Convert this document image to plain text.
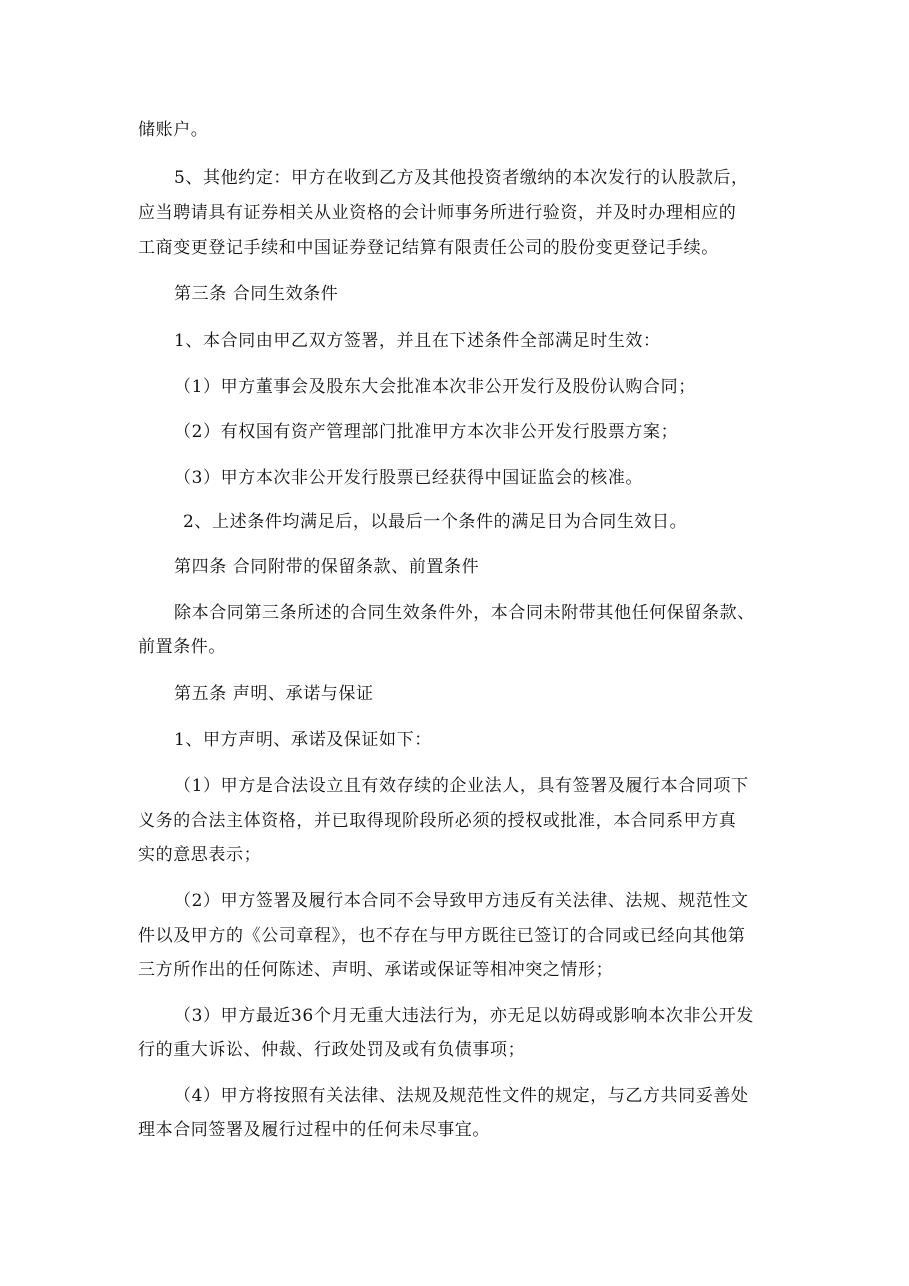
储账户。
5、其他约定：甲方在收到乙方及其他投资者缴纳的本次发行的认股款后，
应当聘请具有证券相关从业资格的会计师事务所进行验资，并及时办理相应的
工商变更登记手续和中国证券登记结算有限责任公司的股份变更登记手续。
第三条 合同生效条件
1、本合同由甲乙双方签署，并且在下述条件全部满足时生效：
（1）甲方董事会及股东大会批准本次非公开发行及股份认购合同；
（2）有权国有资产管理部门批准甲方本次非公开发行股票方案；
（3）甲方本次非公开发行股票已经获得中国证监会的核准。
2、上述条件均满足后，以最后一个条件的满足日为合同生效日。
第四条 合同附带的保留条款、前置条件
除本合同第三条所述的合同生效条件外，本合同未附带其他任何保留条款、
前置条件。
第五条 声明、承诺与保证
1、甲方声明、承诺及保证如下：
（1）甲方是合法设立且有效存续的企业法人，具有签署及履行本合同项下
义务的合法主体资格，并已取得现阶段所必须的授权或批准，本合同系甲方真
实的意思表示；
（2）甲方签署及履行本合同不会导致甲方违反有关法律、法规、规范性文
件以及甲方的《公司章程》，也不存在与甲方既往已签订的合同或已经向其他第
三方所作出的任何陈述、声明、承诺或保证等相冲突之情形；
（3）甲方最近36个月无重大违法行为，亦无足以妨碍或影响本次非公开发
行的重大诉讼、仲裁、行政处罚及或有负债事项；
（4）甲方将按照有关法律、法规及规范性文件的规定，与乙方共同妥善处
理本合同签署及履行过程中的任何未尽事宜。
